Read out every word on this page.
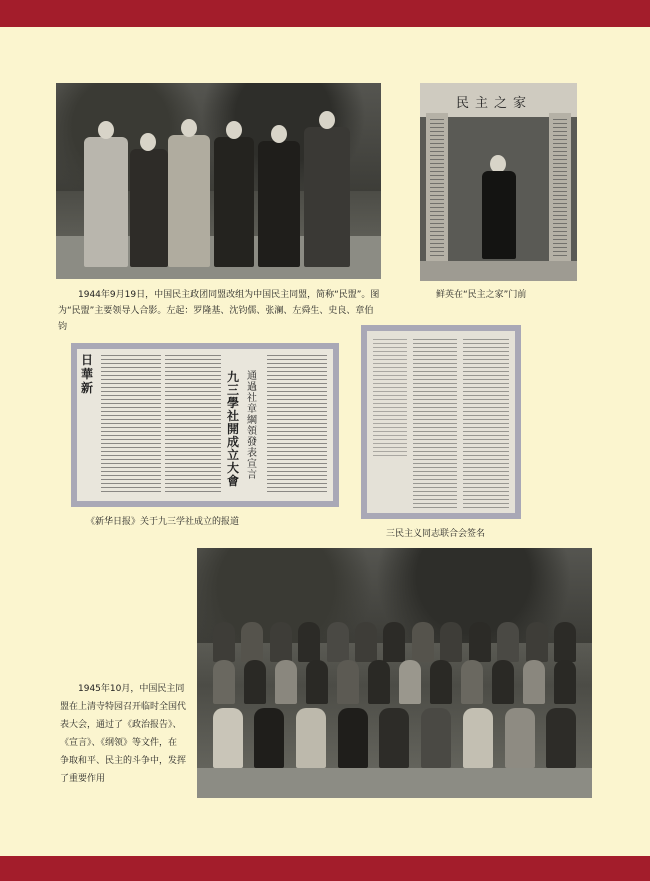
1944年9月19日，中国民主政团同盟改组为中国民主同盟，简称“民盟”。图为“民盟”主要领导人合影。左起：罗隆基、沈钧儒、张澜、左舜生、史良、章伯钧
民主之家
鲜英在“民主之家”门前
日華新
九三學社開成立大會
通過社章綱領發表宣言
《新华日报》关于九三学社成立的报道
三民主义同志联合会签名
1945年10月，中国民主同盟在上清寺特园召开临时全国代表大会，通过了《政治报告》、《宣言》、《纲领》等文件，在争取和平、民主的斗争中，发挥了重要作用
